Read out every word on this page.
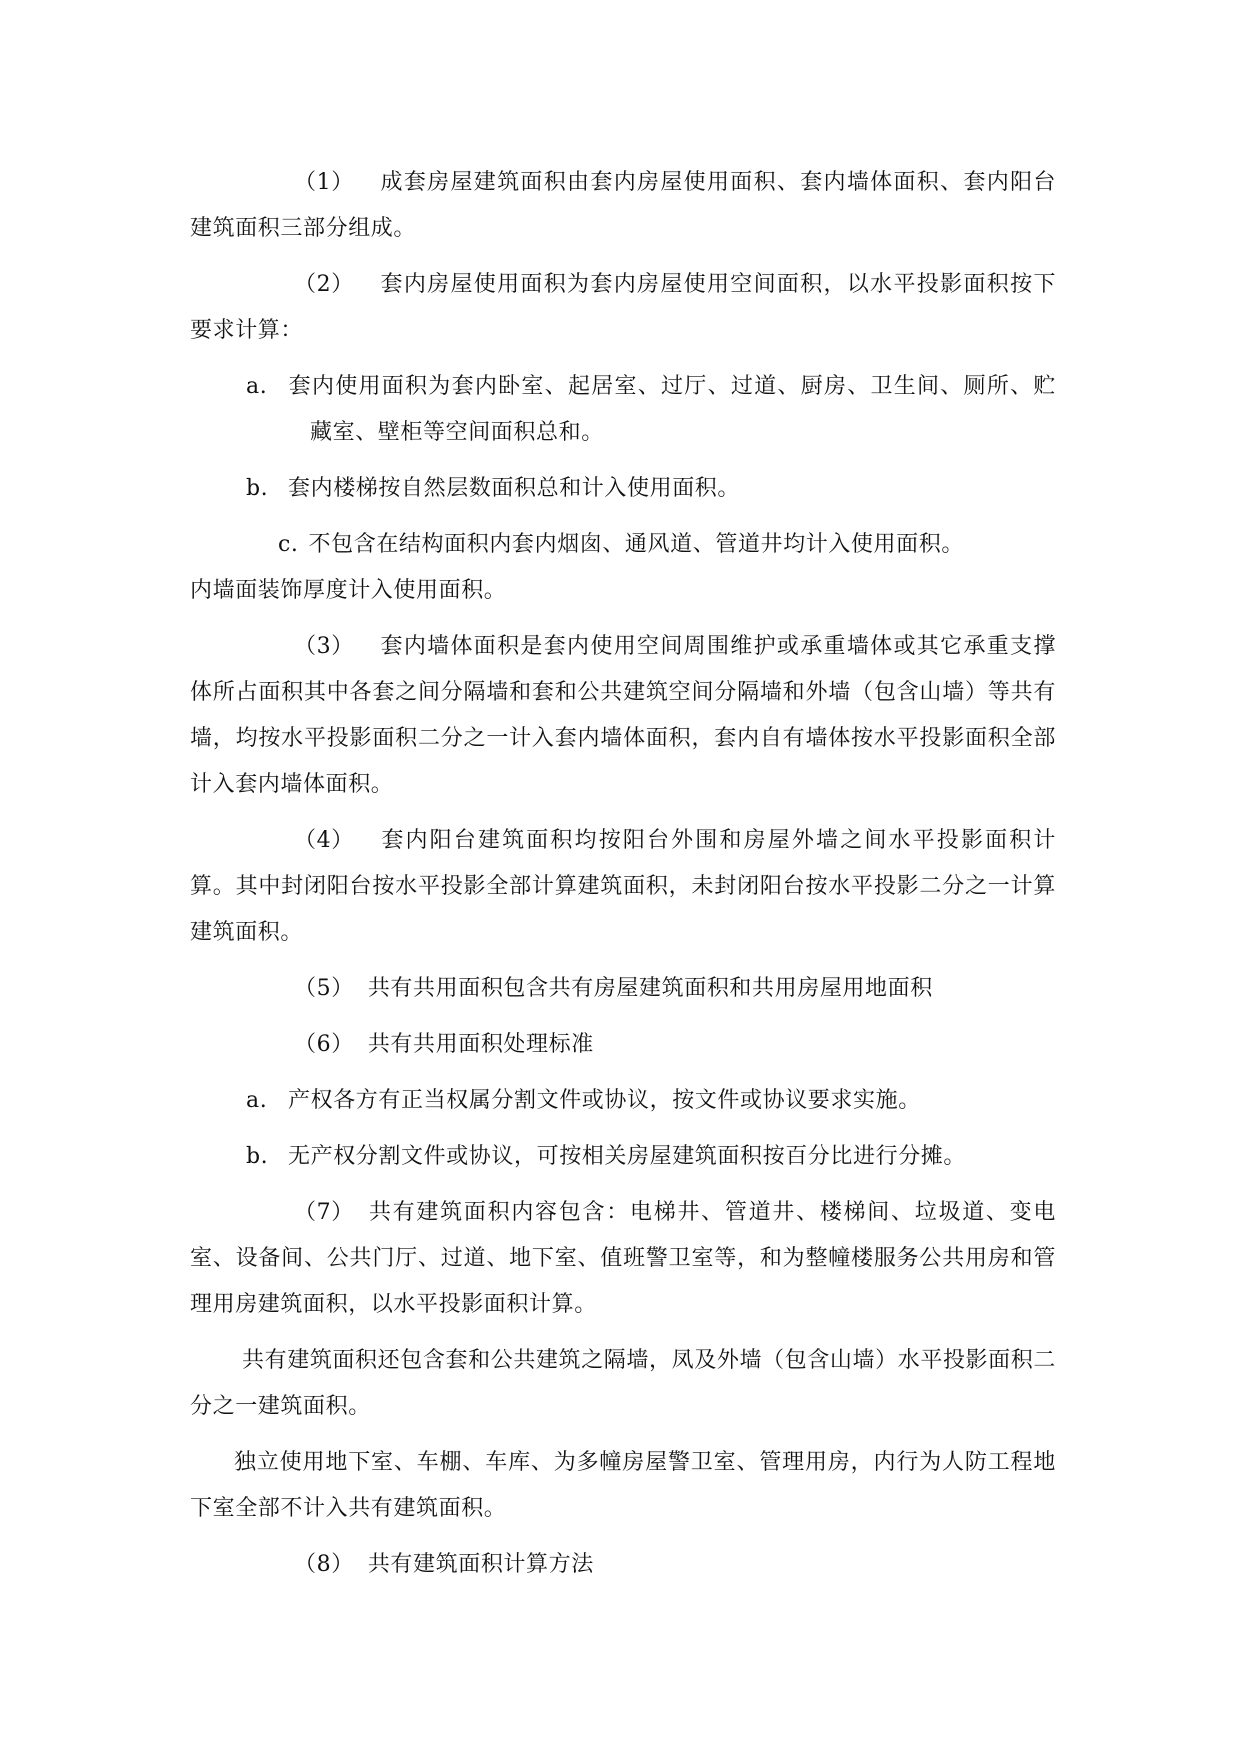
（1） 成套房屋建筑面积由套内房屋使用面积、套内墙体面积、套内阳台建筑面积三部分组成。

（2） 套内房屋使用面积为套内房屋使用空间面积，以水平投影面积按下要求计算：

a. 套内使用面积为套内卧室、起居室、过厅、过道、厨房、卫生间、厕所、贮藏室、壁柜等空间面积总和。

b. 套内楼梯按自然层数面积总和计入使用面积。

c. 不包含在结构面积内套内烟囱、通风道、管道井均计入使用面积。

内墙面装饰厚度计入使用面积。

（3） 套内墙体面积是套内使用空间周围维护或承重墙体或其它承重支撑体所占面积其中各套之间分隔墙和套和公共建筑空间分隔墙和外墙（包含山墙）等共有墙，均按水平投影面积二分之一计入套内墙体面积，套内自有墙体按水平投影面积全部计入套内墙体面积。

（4） 套内阳台建筑面积均按阳台外围和房屋外墙之间水平投影面积计算。其中封闭阳台按水平投影全部计算建筑面积，未封闭阳台按水平投影二分之一计算建筑面积。

（5） 共有共用面积包含共有房屋建筑面积和共用房屋用地面积

（6） 共有共用面积处理标准

a. 产权各方有正当权属分割文件或协议，按文件或协议要求实施。

b. 无产权分割文件或协议，可按相关房屋建筑面积按百分比进行分摊。

（7） 共有建筑面积内容包含：电梯井、管道井、楼梯间、垃圾道、变电室、设备间、公共门厅、过道、地下室、值班警卫室等，和为整幢楼服务公共用房和管理用房建筑面积，以水平投影面积计算。

共有建筑面积还包含套和公共建筑之隔墙，凤及外墙（包含山墙）水平投影面积二分之一建筑面积。

独立使用地下室、车棚、车库、为多幢房屋警卫室、管理用房，内行为人防工程地下室全部不计入共有建筑面积。

（8） 共有建筑面积计算方法
